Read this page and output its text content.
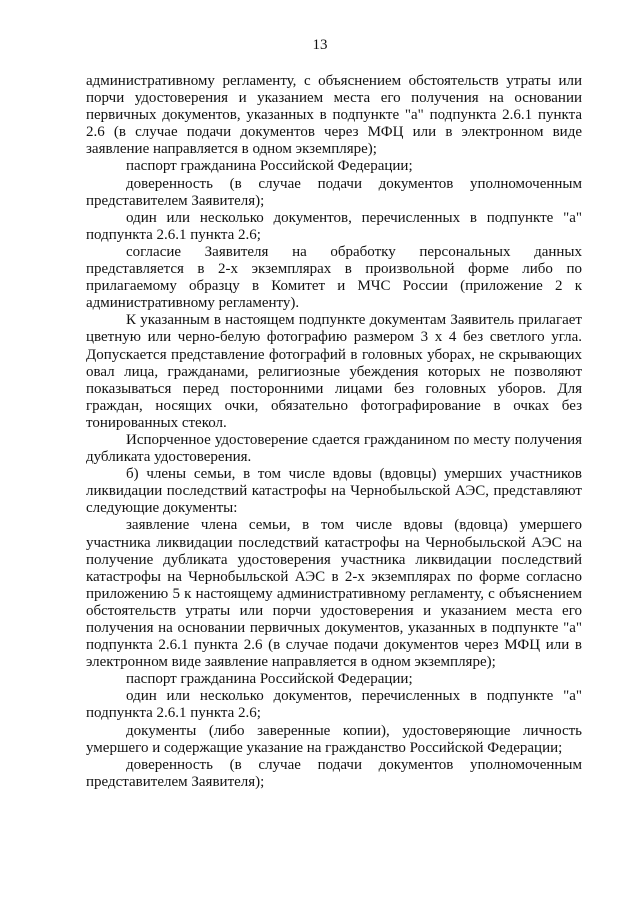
13

административному регламенту, с объяснением обстоятельств утраты или порчи удостоверения и указанием места его получения на основании первичных документов, указанных в подпункте "а" подпункта 2.6.1 пункта 2.6 (в случае подачи документов через МФЦ или в электронном виде заявление направляется в одном экземпляре);

паспорт гражданина Российской Федерации;

доверенность (в случае подачи документов уполномоченным представителем Заявителя);

один или несколько документов, перечисленных в подпункте "а" подпункта 2.6.1 пункта 2.6;

согласие Заявителя на обработку персональных данных представляется в 2-х экземплярах в произвольной форме либо по прилагаемому образцу в Комитет и МЧС России (приложение 2 к административному регламенту).

К указанным в настоящем подпункте документам Заявитель прилагает цветную или черно-белую фотографию размером 3 х 4 без светлого угла. Допускается представление фотографий в головных уборах, не скрывающих овал лица, гражданами, религиозные убеждения которых не позволяют показываться перед посторонними лицами без головных уборов. Для граждан, носящих очки, обязательно фотографирование в очках без тонированных стекол.

Испорченное удостоверение сдается гражданином по месту получения дубликата удостоверения.

б) члены семьи, в том числе вдовы (вдовцы) умерших участников ликвидации последствий катастрофы на Чернобыльской АЭС, представляют следующие документы:

заявление члена семьи, в том числе вдовы (вдовца) умершего участника ликвидации последствий катастрофы на Чернобыльской АЭС на получение дубликата удостоверения участника ликвидации последствий катастрофы на Чернобыльской АЭС в 2-х экземплярах по форме согласно приложению 5 к настоящему административному регламенту, с объяснением обстоятельств утраты или порчи удостоверения и указанием места его получения на основании первичных документов, указанных в подпункте "а" подпункта 2.6.1 пункта 2.6 (в случае подачи документов через МФЦ или в электронном виде заявление направляется в одном экземпляре);

паспорт гражданина Российской Федерации;

один или несколько документов, перечисленных в подпункте "а" подпункта 2.6.1 пункта 2.6;

документы (либо заверенные копии), удостоверяющие личность умершего и содержащие указание на гражданство Российской Федерации;

доверенность (в случае подачи документов уполномоченным представителем Заявителя);
